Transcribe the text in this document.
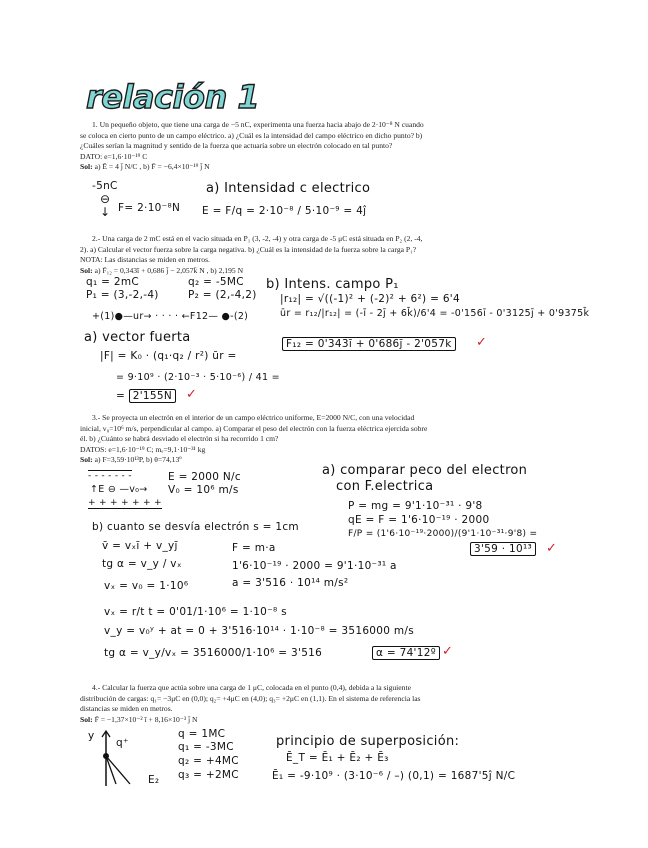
relación 1
1. Un pequeño objeto, que tiene una carga de −5 nC, experimenta una fuerza hacia abajo de 2·10⁻⁸ N cuando
se coloca en cierto punto de un campo eléctrico. a) ¿Cuál es la intensidad del campo eléctrico en dicho punto? b)
¿Cuáles serían la magnitud y sentido de la fuerza que actuaría sobre un electrón colocado en tal punto?
DATO: e=1,6·10⁻¹⁹ C
Sol: a) Ē = 4 j̄ N/C , b) F̄ = −6,4×10⁻¹⁹ j̄ N
-5nC
⊖
↓ F= 2·10⁻⁸N
a) Intensidad c electrico
E = F/q = 2·10⁻⁸ / 5·10⁻⁹ = 4ĵ
2.- Una carga de 2 mC está en el vacío situada en P₁ (3, -2, -4) y otra carga de -5 μC está situada en P₂ (2, -4,
2). a) Calcular el vector fuerza sobre la carga negativa. b) ¿Cuál es la intensidad de la fuerza sobre la carga P₁?
NOTA: Las distancias se miden en metros.
Sol: a) F̄₁₂ = 0,343ī + 0,686 j̄ − 2,057k̄ N , b) 2,195 N
q₁ = 2mC
P₁ = (3,-2,-4)
q₂ = -5MC
P₂ = (2,-4,2)
+(1)●—ur→ · · · · ←F12— ●-(2)
a) vector fuerta
|F| = K₀ · (q₁·q₂ / r²) ūr =
= 9·10⁹ · (2·10⁻³ · 5·10⁻⁶) / 41 =
= 2'155N	✓
b) Intens. campo P₁
|r₁₂| = √((-1)² + (-2)² + 6²) = 6'4
ūr = r₁₂/|r₁₂| = (-ī - 2j̄ + 6k̄)/6'4 = -0'156ī - 0'3125j̄ + 0'9375k̄
F₁₂ = 0'343ī + 0'686j̄ - 2'057k̄	✓
3.- Se proyecta un electrón en el interior de un campo eléctrico uniforme, E=2000 N/C, con una velocidad
inicial, v₀=10⁶ m/s, perpendicular al campo. a) Comparar el peso del electrón con la fuerza eléctrica ejercida sobre
él. b) ¿Cuánto se habrá desviado el electrón si ha recorrido 1 cm?
DATOS: e=1,6·10⁻¹⁹ C; mₑ=9,1·10⁻³¹ kg
Sol: a) F=3,59·10¹³P, b) θ=74,13º
- - - - - - -
↑E ⊖ —v₀→
+ + + + + + +
E = 2000 N/c
V₀ = 10⁶ m/s
a) comparar peco del electron
con F.electrica
P = mg = 9'1·10⁻³¹ · 9'8
qE = F = 1'6·10⁻¹⁹ · 2000
F/P = (1'6·10⁻¹⁹·2000)/(9'1·10⁻³¹·9'8) =
3'59 · 10¹³	✓
b) cuanto se desvía electrón s = 1cm
v̄ = vₓī + v_yj̄
tg α = v_y / vₓ
vₓ = v₀ = 1·10⁶
F = m·a
1'6·10⁻¹⁹ · 2000 = 9'1·10⁻³¹ a
a = 3'516 · 10¹⁴ m/s²
vₓ = r/t t = 0'01/1·10⁶ = 1·10⁻⁸ s
v_y = v₀ʸ + at = 0 + 3'516·10¹⁴ · 1·10⁻⁸ = 3516000 m/s
tg α = v_y/vₓ = 3516000/1·10⁶ = 3'516	α = 74'12º ✓
4.- Calcular la fuerza que actúa sobre una carga de 1 μC, colocada en el punto (0,4), debida a la siguiente
distribución de cargas: q₁= −3μC en (0,0); q₂= +4μC en (4,0); q₃= +2μC en (1,1). En el sistema de referencia las
distancias se miden en metros.
Sol: F̄ = −1,37×10⁻² ī + 8,16×10⁻³ j̄ N
y
q⁺
E₂
q = 1MC
q₁ = -3MC
q₂ = +4MC
q₃ = +2MC
principio de superposición:
Ē_T = Ē₁ + Ē₂ + Ē₃
Ē₁ = -9·10⁹ · (3·10⁻⁶ / –) (0,1) = 1687'5ĵ N/C
